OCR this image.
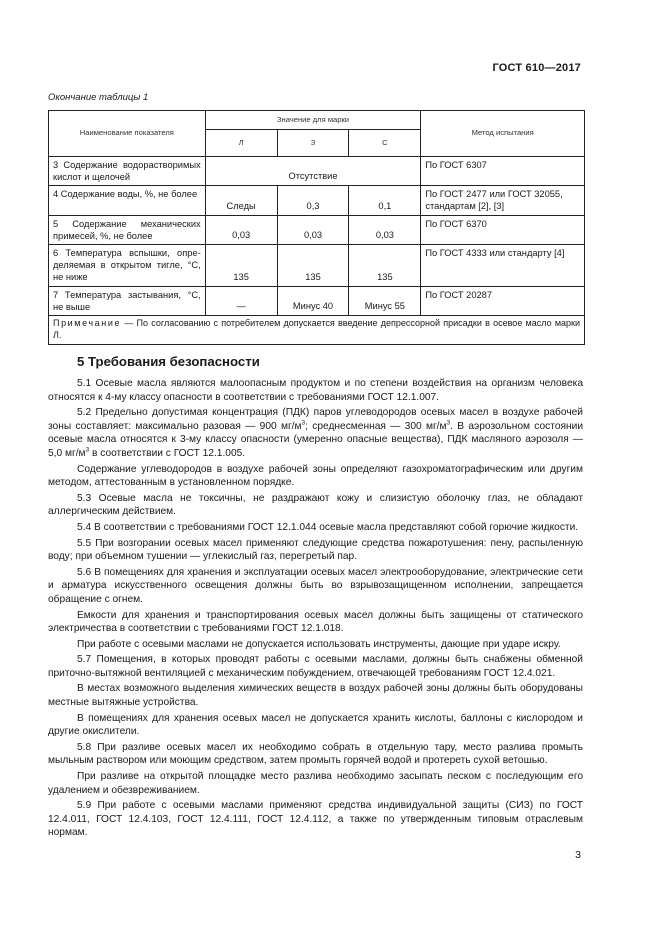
ГОСТ 610—2017
Окончание таблицы 1
Наименование показателя	Значение для марки			Метод испытания
	Л	З	С	
3 Содержание водорастворимых кислот и щелочей	Отсутствие			По ГОСТ 6307
4 Содержание воды, %, не более	Следы	0,3	0,1	По ГОСТ 2477 или ГОСТ 32055, стандартам [2], [3]
5 Содержание механических примесей, %, не более	0,03	0,03	0,03	По ГОСТ 6370
6 Температура вспышки, определяемая в открытом тигле, °С, не ниже	135	135	135	По ГОСТ 4333 или стандарту [4]
7 Температура застывания, °С, не выше	—	Минус 40	Минус 55	По ГОСТ 20287
Примечание — По согласованию с потребителем допускается введение депрессорной присадки в осевое масло марки Л.				
5 Требования безопасности

5.1 Осевые масла являются малоопасным продуктом и по степени воздействия на организм человека относятся к 4-му классу опасности в соответствии с требованиями ГОСТ 12.1.007.

5.2 Предельно допустимая концентрация (ПДК) паров углеводородов осевых масел в воздухе рабочей зоны составляет: максимально разовая — 900 $мг/м^3$; среднесменная — 300 $мг/м^3$. В аэрозольном состоянии осевые масла относятся к 3-му классу опасности (умеренно опасные вещества), ПДК масляного аэрозоля — 5,0 $мг/м^3$ в соответствии с ГОСТ 12.1.005.

Содержание углеводородов в воздухе рабочей зоны определяют газохроматографическим или другим методом, аттестованным в установленном порядке.

5.3 Осевые масла не токсичны, не раздражают кожу и слизистую оболочку глаз, не обладают аллергическим действием.

5.4 В соответствии с требованиями ГОСТ 12.1.044 осевые масла представляют собой горючие жидкости.

5.5 При возгорании осевых масел применяют следующие средства пожаротушения: пену, распыленную воду; при объемном тушении — углекислый газ, перегретый пар.

5.6 В помещениях для хранения и эксплуатации осевых масел электрооборудование, электрические сети и арматура искусственного освещения должны быть во взрывозащищенном исполнении, запрещается обращение с огнем.

Емкости для хранения и транспортирования осевых масел должны быть защищены от статического электричества в соответствии с требованиями ГОСТ 12.1.018.

При работе с осевыми маслами не допускается использовать инструменты, дающие при ударе искру.

5.7 Помещения, в которых проводят работы с осевыми маслами, должны быть снабжены обменной приточно-вытяжной вентиляцией с механическим побуждением, отвечающей требованиям ГОСТ 12.4.021.

В местах возможного выделения химических веществ в воздух рабочей зоны должны быть оборудованы местные вытяжные устройства.

В помещениях для хранения осевых масел не допускается хранить кислоты, баллоны с кислородом и другие окислители.

5.8 При разливе осевых масел их необходимо собрать в отдельную тару, место разлива промыть мыльным раствором или моющим средством, затем промыть горячей водой и протереть сухой ветошью.

При разливе на открытой площадке место разлива необходимо засыпать песком с последующим его удалением и обезвреживанием.

5.9 При работе с осевыми маслами применяют средства индивидуальной защиты (СИЗ) по ГОСТ 12.4.011, ГОСТ 12.4.103, ГОСТ 12.4.111, ГОСТ 12.4.112, а также по утвержденным типовым отраслевым нормам.

3
